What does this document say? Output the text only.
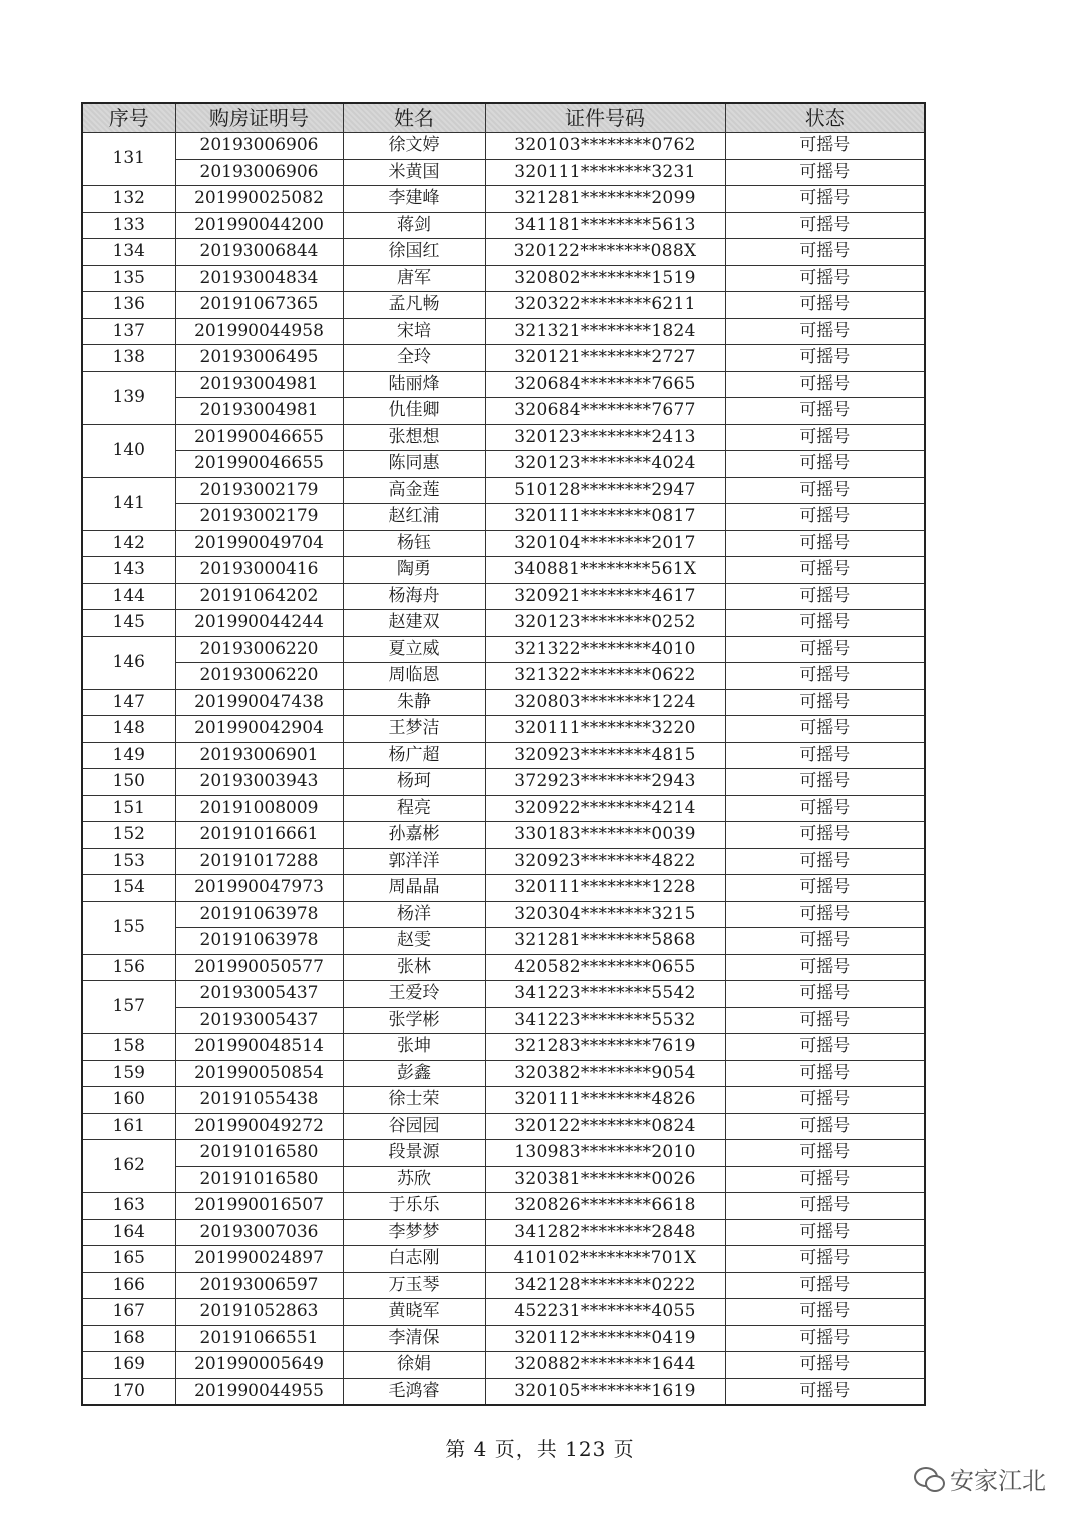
序号	购房证明号	姓名	证件号码	状态
131	20193006906	徐文婷	320103********0762	可摇号
	20193006906	米黄国	320111********3231	可摇号
132	201990025082	李建峰	321281********2099	可摇号
133	201990044200	蒋剑	341181********5613	可摇号
134	20193006844	徐国红	320122********088X	可摇号
135	20193004834	唐军	320802********1519	可摇号
136	20191067365	孟凡畅	320322********6211	可摇号
137	201990044958	宋培	321321********1824	可摇号
138	20193006495	全玲	320121********2727	可摇号
139	20193004981	陆丽烽	320684********7665	可摇号
	20193004981	仇佳卿	320684********7677	可摇号
140	201990046655	张想想	320123********2413	可摇号
	201990046655	陈同惠	320123********4024	可摇号
141	20193002179	高金莲	510128********2947	可摇号
	20193002179	赵红浦	320111********0817	可摇号
142	201990049704	杨钰	320104********2017	可摇号
143	20193000416	陶勇	340881********561X	可摇号
144	20191064202	杨海舟	320921********4617	可摇号
145	201990044244	赵建双	320123********0252	可摇号
146	20193006220	夏立威	321322********4010	可摇号
	20193006220	周临恩	321322********0622	可摇号
147	201990047438	朱静	320803********1224	可摇号
148	201990042904	王梦洁	320111********3220	可摇号
149	20193006901	杨广超	320923********4815	可摇号
150	20193003943	杨珂	372923********2943	可摇号
151	20191008009	程亮	320922********4214	可摇号
152	20191016661	孙嘉彬	330183********0039	可摇号
153	20191017288	郭洋洋	320923********4822	可摇号
154	201990047973	周晶晶	320111********1228	可摇号
155	20191063978	杨洋	320304********3215	可摇号
	20191063978	赵雯	321281********5868	可摇号
156	201990050577	张林	420582********0655	可摇号
157	20193005437	王爱玲	341223********5542	可摇号
	20193005437	张学彬	341223********5532	可摇号
158	201990048514	张坤	321283********7619	可摇号
159	201990050854	彭鑫	320382********9054	可摇号
160	20191055438	徐士荣	320111********4826	可摇号
161	201990049272	谷园园	320122********0824	可摇号
162	20191016580	段景源	130983********2010	可摇号
	20191016580	苏欣	320381********0026	可摇号
163	201990016507	于乐乐	320826********6618	可摇号
164	20193007036	李梦梦	341282********2848	可摇号
165	201990024897	白志刚	410102********701X	可摇号
166	20193006597	万玉琴	342128********0222	可摇号
167	20191052863	黄晓军	452231********4055	可摇号
168	20191066551	李清保	320112********0419	可摇号
169	201990005649	徐娟	320882********1644	可摇号
170	201990044955	毛鸿睿	320105********1619	可摇号
第 4 页，共 123 页
安家江北
